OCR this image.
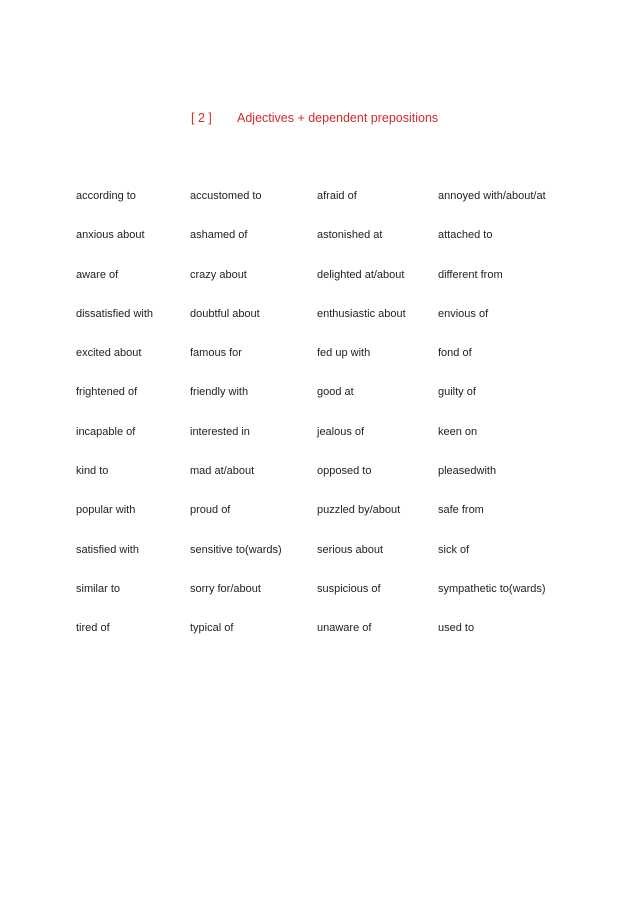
[ 2 ] Adjectives + dependent prepositions
according to	accustomed to	afraid of	annoyed with/about/at
anxious about	ashamed of	astonished at	attached to
aware of	crazy about	delighted at/about	different from
dissatisfied with	doubtful about	enthusiastic about	envious of
excited about	famous for	fed up with	fond of
frightened of	friendly with	good at	guilty of
incapable of	interested in	jealous of	keen on
kind to	mad at/about	opposed to	pleasedwith
popular with	proud of	puzzled by/about	safe from
satisfied with	sensitive to(wards)	serious about	sick of
similar to	sorry for/about	suspicious of	sympathetic to(wards)
tired of	typical of	unaware of	used to
